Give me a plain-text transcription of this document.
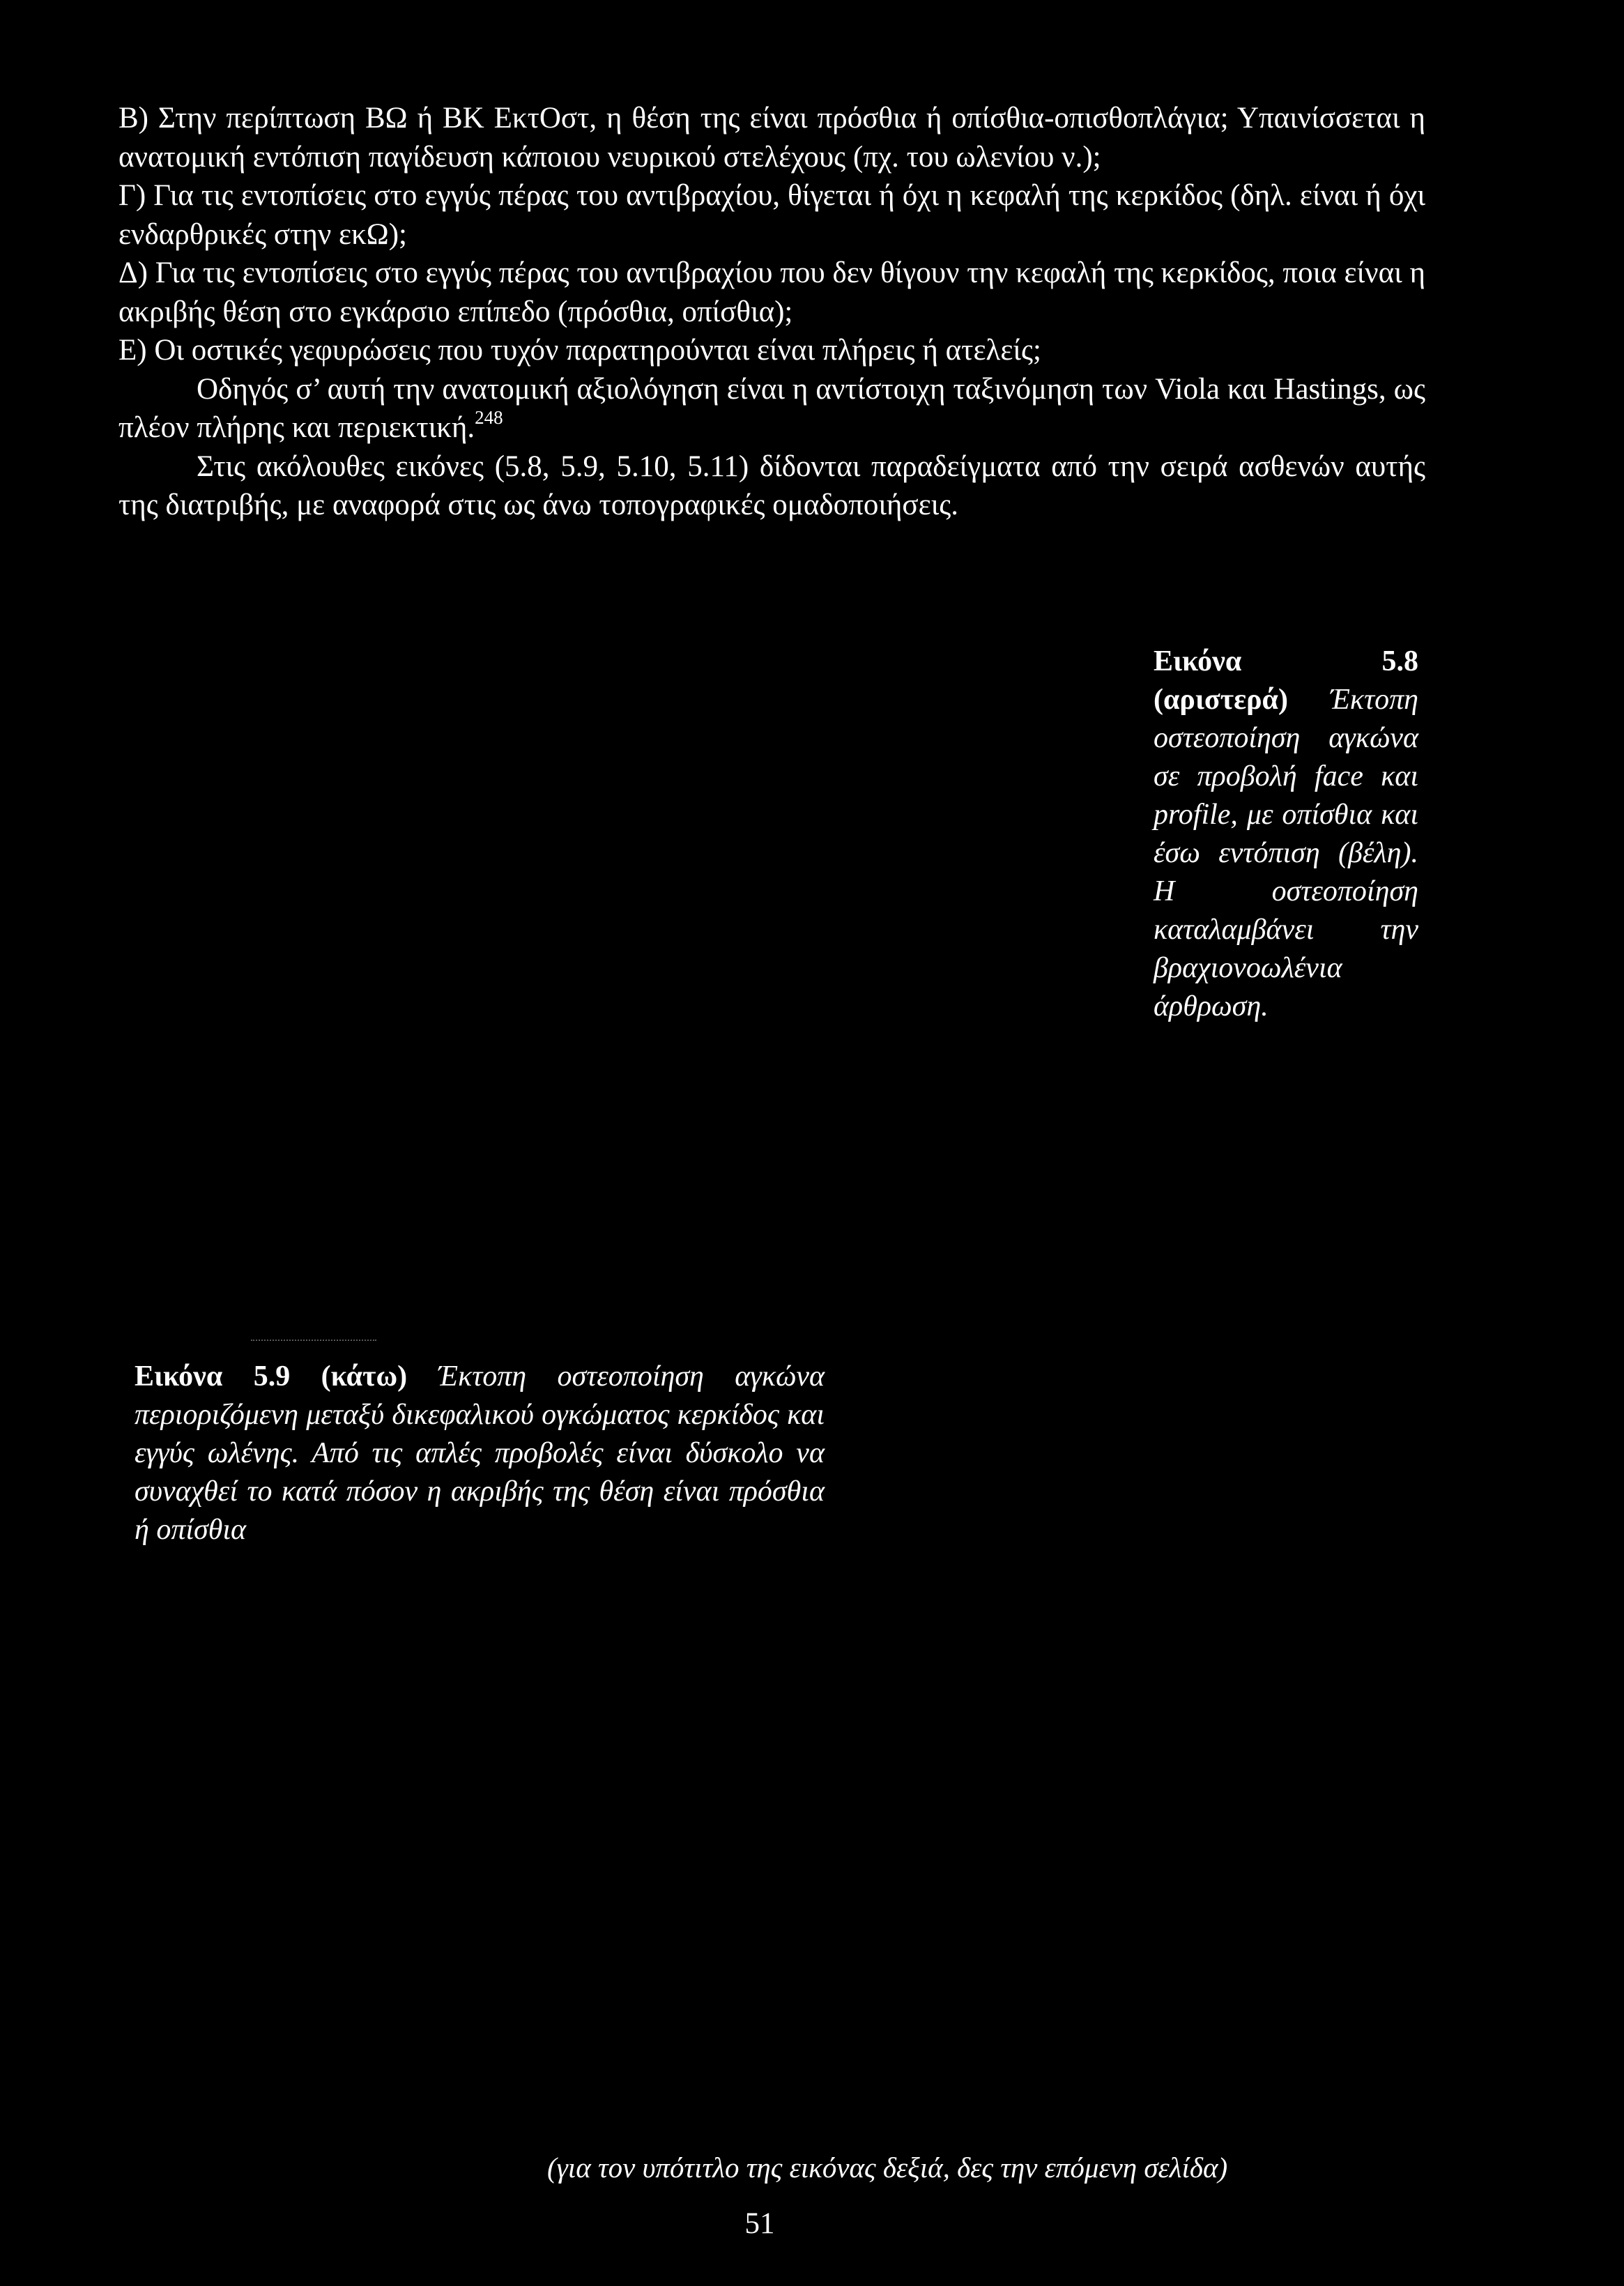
B) Στην περίπτωση ΒΩ ή ΒΚ ΕκτΟστ, η θέση της είναι πρόσθια ή οπίσθια-οπισθοπλάγια; Υπαινίσσεται η ανατομική εντόπιση παγίδευση κάποιου νευρικού στελέχους (πχ. του ωλενίου ν.);

Γ) Για τις εντοπίσεις στο εγγύς πέρας του αντιβραχίου, θίγεται ή όχι η κεφαλή της κερκίδος (δηλ. είναι ή όχι ενδαρθρικές στην εκΩ);

Δ) Για τις εντοπίσεις στο εγγύς πέρας του αντιβραχίου που δεν θίγουν την κεφαλή της κερκίδος, ποια είναι η ακριβής θέση στο εγκάρσιο επίπεδο (πρόσθια, οπίσθια);

Ε) Οι οστικές γεφυρώσεις που τυχόν παρατηρούνται είναι πλήρεις ή ατελείς;

Οδηγός σ’ αυτή την ανατομική αξιολόγηση είναι η αντίστοιχη ταξινόμηση των Viola και Hastings, ως πλέον πλήρης και περιεκτική.$^{248}$

Στις ακόλουθες εικόνες (5.8, 5.9, 5.10, 5.11) δίδονται παραδείγματα από την σειρά ασθενών αυτής της διατριβής, με αναφορά στις ως άνω τοπογραφικές ομαδοποιήσεις.

Εικόνα 5.8 (αριστερά) Έκτοπη οστεοποίηση αγκώνα σε προβολή face και profile, με οπίσθια και έσω εντόπιση (βέλη). Η οστεοποίηση καταλαμβάνει την βραχιονοωλένια άρθρωση.
Εικόνα 5.9 (κάτω) Έκτοπη οστεοποίηση αγκώνα περιοριζόμενη μεταξύ δικεφαλικού ογκώματος κερκίδος και εγγύς ωλένης. Από τις απλές προβολές είναι δύσκολο να συναχθεί το κατά πόσον η ακριβής της θέση είναι πρόσθια ή οπίσθια
(για τον υπότιτλο της εικόνας δεξιά, δες την επόμενη σελίδα)
51
